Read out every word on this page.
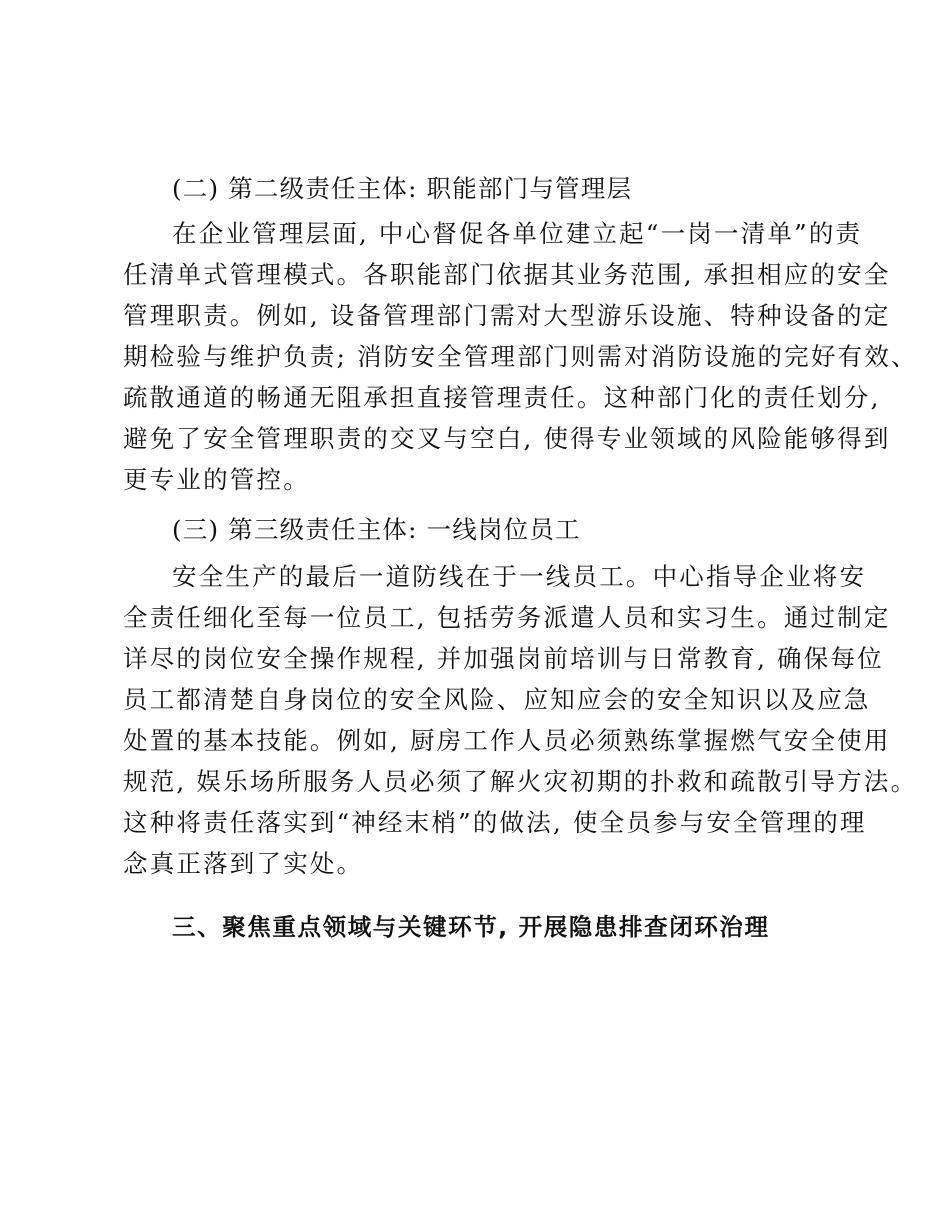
(二) 第二级责任主体: 职能部门与管理层
在企业管理层面, 中心督促各单位建立起“一岗一清单”的责
任清单式管理模式。各职能部门依据其业务范围, 承担相应的安全
管理职责。例如, 设备管理部门需对大型游乐设施、特种设备的定
期检验与维护负责; 消防安全管理部门则需对消防设施的完好有效、
疏散通道的畅通无阻承担直接管理责任。这种部门化的责任划分,
避免了安全管理职责的交叉与空白, 使得专业领域的风险能够得到
更专业的管控。
(三) 第三级责任主体: 一线岗位员工
安全生产的最后一道防线在于一线员工。中心指导企业将安
全责任细化至每一位员工, 包括劳务派遣人员和实习生。通过制定
详尽的岗位安全操作规程, 并加强岗前培训与日常教育, 确保每位
员工都清楚自身岗位的安全风险、应知应会的安全知识以及应急
处置的基本技能。例如, 厨房工作人员必须熟练掌握燃气安全使用
规范, 娱乐场所服务人员必须了解火灾初期的扑救和疏散引导方法。
这种将责任落实到“神经末梢”的做法, 使全员参与安全管理的理
念真正落到了实处。
三、聚焦重点领域与关键环节, 开展隐患排查闭环治理
